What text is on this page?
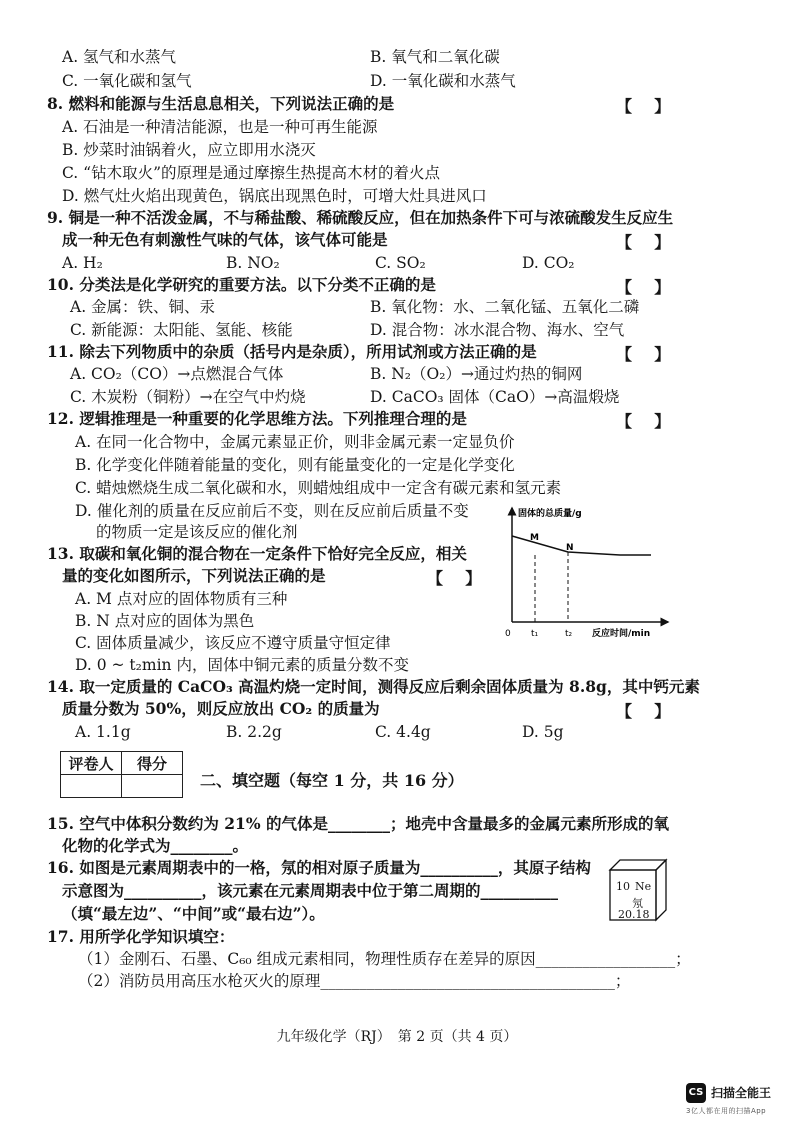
A. 氢气和水蒸气	B. 氧气和二氧化碳
C. 一氧化碳和氢气	D. 一氧化碳和水蒸气
8. 燃料和能源与生活息息相关，下列说法正确的是	【    】
A. 石油是一种清洁能源，也是一种可再生能源
B. 炒菜时油锅着火，应立即用水浇灭
C. “钻木取火”的原理是通过摩擦生热提高木材的着火点
D. 燃气灶火焰出现黄色，锅底出现黑色时，可增大灶具进风口
9. 铜是一种不活泼金属，不与稀盐酸、稀硫酸反应，但在加热条件下可与浓硫酸发生反应生
成一种无色有刺激性气味的气体，该气体可能是	【    】
A. H₂	B. NO₂	C. SO₂	D. CO₂
10. 分类法是化学研究的重要方法。以下分类不正确的是	【    】
A. 金属：铁、铜、汞	B. 氧化物：水、二氧化锰、五氧化二磷
C. 新能源：太阳能、氢能、核能	D. 混合物：冰水混合物、海水、空气
11. 除去下列物质中的杂质（括号内是杂质），所用试剂或方法正确的是	【    】
A. CO₂（CO）→点燃混合气体	B. N₂（O₂）→通过灼热的铜网
C. 木炭粉（铜粉）→在空气中灼烧	D. CaCO₃ 固体（CaO）→高温煅烧
12. 逻辑推理是一种重要的化学思维方法。下列推理合理的是	【    】
A. 在同一化合物中，金属元素显正价，则非金属元素一定显负价
B. 化学变化伴随着能量的变化，则有能量变化的一定是化学变化
C. 蜡烛燃烧生成二氧化碳和水，则蜡烛组成中一定含有碳元素和氢元素
D. 催化剂的质量在反应前后不变，则在反应前后质量不变
的物质一定是该反应的催化剂
13. 取碳和氧化铜的混合物在一定条件下恰好完全反应，相关
量的变化如图所示，下列说法正确的是	【    】
A. M 点对应的固体物质有三种
B. N 点对应的固体为黑色
C. 固体质量减少，该反应不遵守质量守恒定律
D. 0 ~ t₂min 内，固体中铜元素的质量分数不变
固体的总质量/g
M
N
0 t₁	t₂ 反应时间/min
14. 取一定质量的 CaCO₃ 高温灼烧一定时间，测得反应后剩余固体质量为 8.8g，其中钙元素
质量分数为 50%，则反应放出 CO₂ 的质量为	【    】
A. 1.1g	B. 2.2g	C. 4.4g	D. 5g
评卷人	得分

二、填空题（每空 1 分，共 16 分）
15. 空气中体积分数约为 21% 的气体是________；地壳中含量最多的金属元素所形成的氧
化物的化学式为________。
16. 如图是元素周期表中的一格，氖的相对原子质量为__________，其原子结构
示意图为__________，该元素在元素周期表中位于第二周期的__________
（填“最左边”、“中间”或“最右边”）。
10 Ne
氖
20.18
17. 用所学化学知识填空：
（1）金刚石、石墨、C₆₀ 组成元素相同，物理性质存在差异的原因__________________；
（2）消防员用高压水枪灭火的原理______________________________________；
九年级化学（RJ）　第 2 页（共 4 页）
CS 扫描全能王
3亿人都在用的扫描App
